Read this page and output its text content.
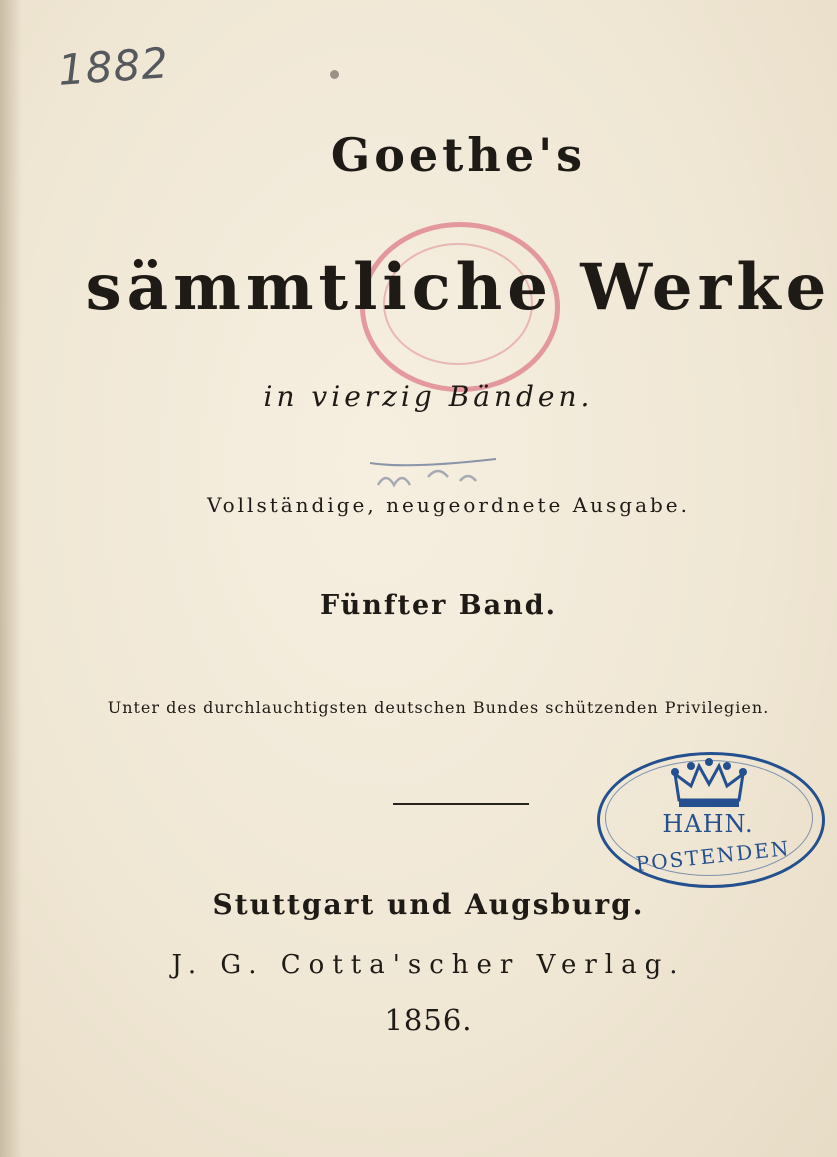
1882
Goethe's
sämmtliche Werke
in vierzig Bänden.
Vollständige, neugeordnete Ausgabe.
Fünfter Band.
Unter des durchlauchtigsten deutschen Bundes schützenden Privilegien.
HAHN.
POSTENDEN
Stuttgart und Augsburg.
J. G. Cotta'scher Verlag.
1856.
